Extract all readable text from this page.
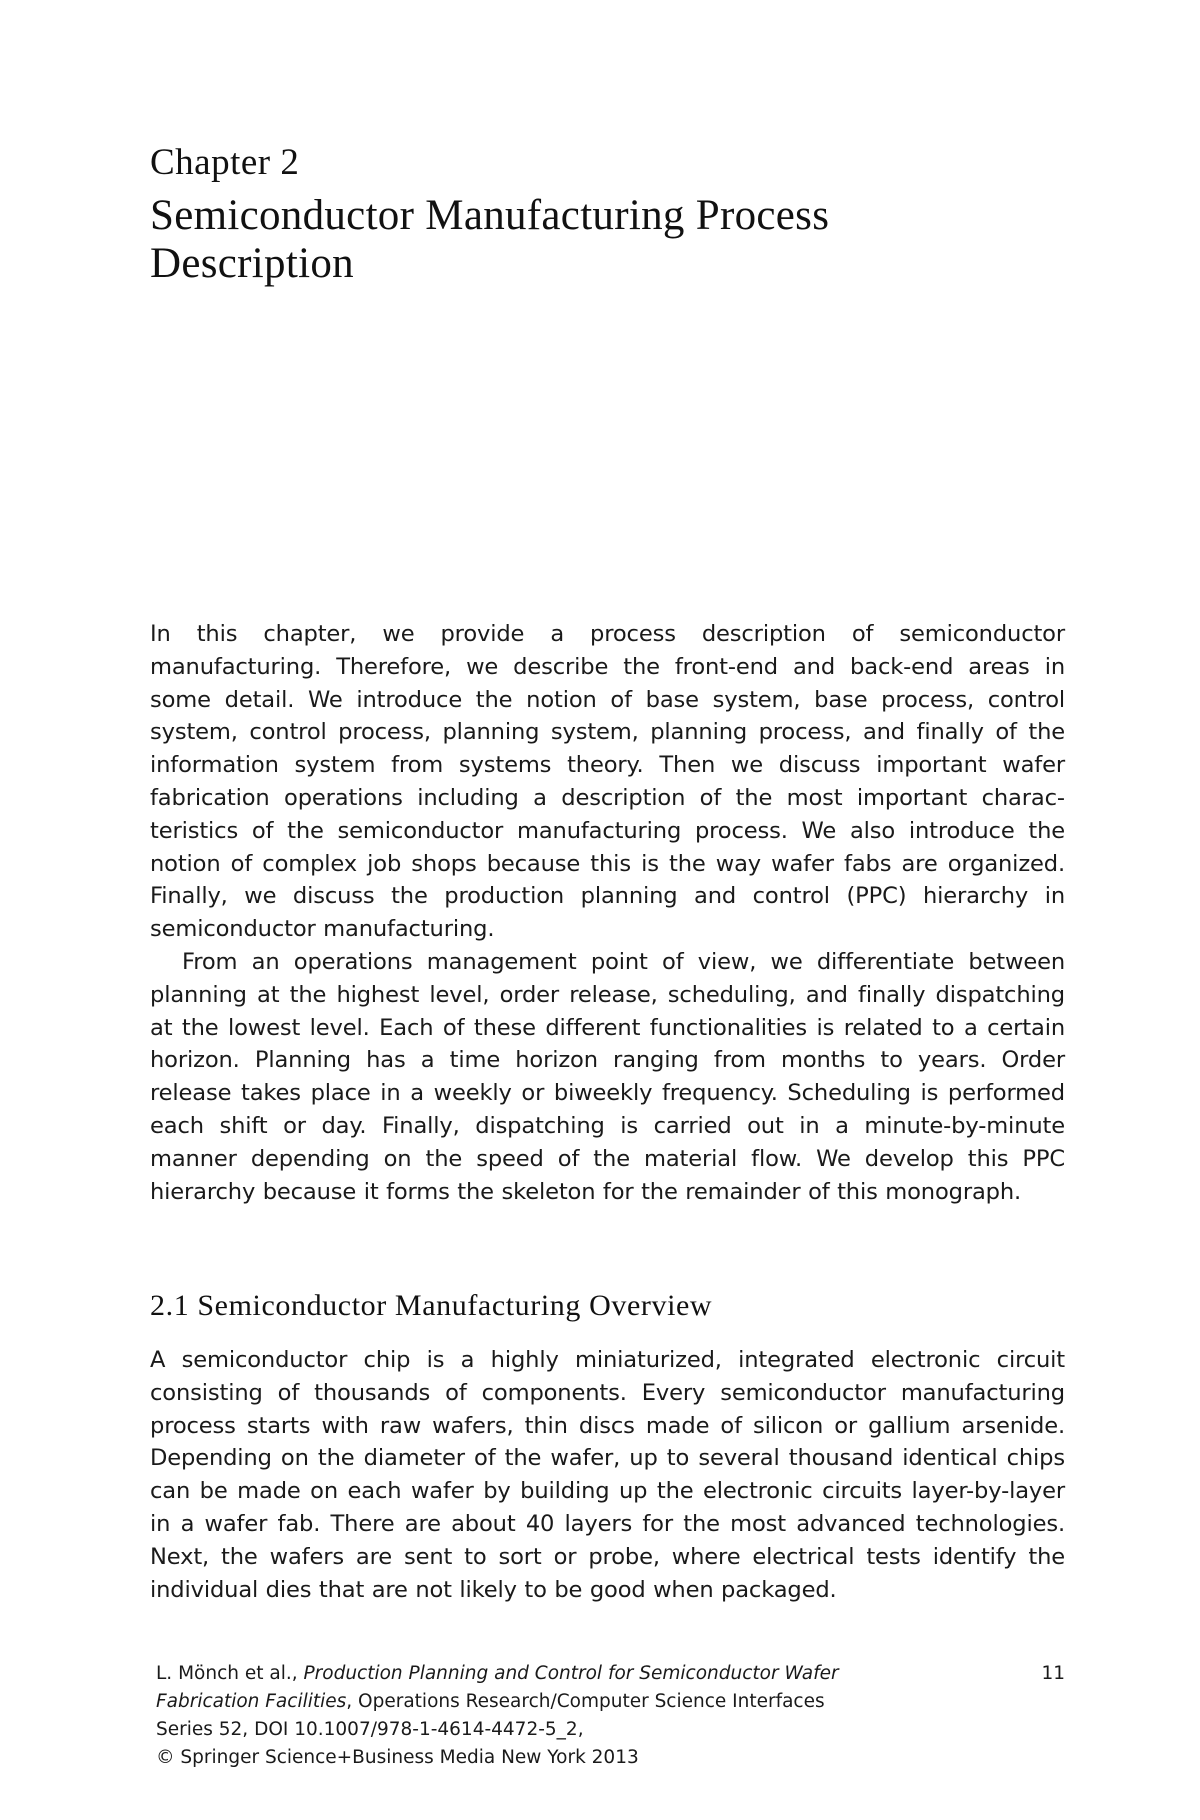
Chapter 2
Semiconductor Manufacturing Process Description

In this chapter, we provide a process description of semiconductor manufacturing. Therefore, we describe the front-end and back-end areas in some detail. We introduce the notion of base system, base process, control system, control process, planning system, planning process, and finally of the information system from systems theory. Then we discuss important wafer fabrication operations including a description of the most important characteristics of the semiconductor manufacturing process. We also introduce the notion of complex job shops because this is the way wafer fabs are organized. Finally, we discuss the production planning and control (PPC) hierarchy in semiconductor manufacturing.

From an operations management point of view, we differentiate between planning at the highest level, order release, scheduling, and finally dispatching at the lowest level. Each of these different functionalities is related to a certain horizon. Planning has a time horizon ranging from months to years. Order release takes place in a weekly or biweekly frequency. Scheduling is performed each shift or day. Finally, dispatching is carried out in a minute-by-minute manner depending on the speed of the material flow. We develop this PPC hierarchy because it forms the skeleton for the remainder of this monograph.

2.1 Semiconductor Manufacturing Overview

A semiconductor chip is a highly miniaturized, integrated electronic circuit consisting of thousands of components. Every semiconductor manufacturing process starts with raw wafers, thin discs made of silicon or gallium arsenide. Depending on the diameter of the wafer, up to several thousand identical chips can be made on each wafer by building up the electronic circuits layer-by-layer in a wafer fab. There are about 40 layers for the most advanced technologies. Next, the wafers are sent to sort or probe, where electrical tests identify the individual dies that are not likely to be good when packaged.

L. Mönch et al., Production Planning and Control for Semiconductor Wafer
Fabrication Facilities, Operations Research/Computer Science Interfaces
Series 52, DOI 10.1007/978-1-4614-4472-5_2,
© Springer Science+Business Media New York 2013
11
